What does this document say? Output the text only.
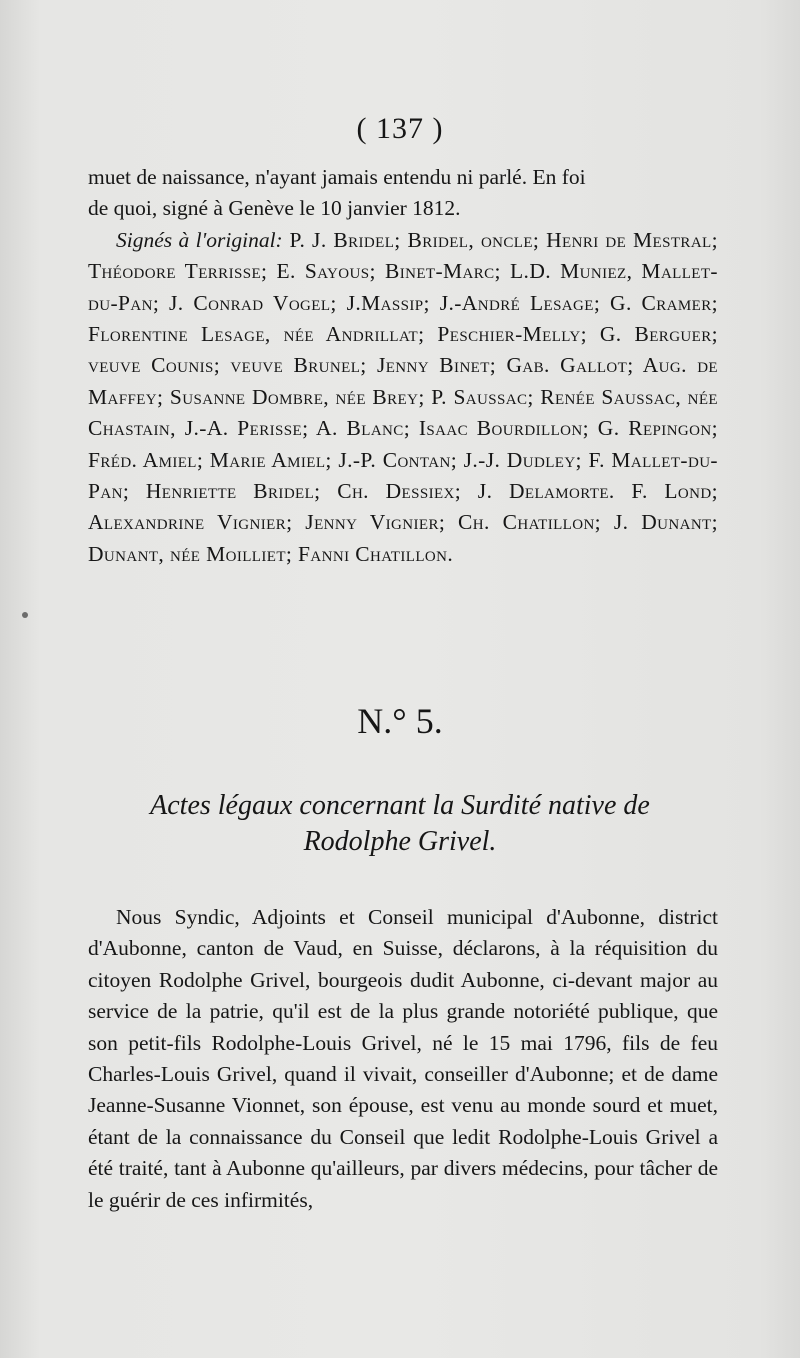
( 137 )

muet de naissance, n'ayant jamais entendu ni parlé. En foi

de quoi, signé à Genève le 10 janvier 1812.

Signés à l'original: P. J. Bridel; Bridel, oncle; Henri de Mestral; Théodore Terrisse; E. Sayous; Binet-Marc; L.D. Muniez, Mallet-du-Pan; J. Conrad Vogel; J.Massip; J.-André Lesage; G. Cramer; Florentine Lesage, née Andrillat; Peschier-Melly; G. Berguer; veuve Counis; veuve Brunel; Jenny Binet; Gab. Gallot; Aug. de Maffey; Susanne Dombre, née Brey; P. Saussac; Renée Saussac, née Chastain, J.-A. Perisse; A. Blanc; Isaac Bourdillon; G. Repingon; Fréd. Amiel; Marie Amiel; J.-P. Contan; J.-J. Dudley; F. Mallet-du-Pan; Henriette Bridel; Ch. Dessiex; J. Delamorte. F. Lond; Alexandrine Vignier; Jenny Vignier; Ch. Chatillon; J. Dunant; Dunant, née Moilliet; Fanni Chatillon.

N.° 5.
Actes légaux concernant la Surdité native de
Rodolphe Grivel.

Nous Syndic, Adjoints et Conseil municipal d'Aubonne, district d'Aubonne, canton de Vaud, en Suisse, déclarons, à la réquisition du citoyen Rodolphe Grivel, bourgeois dudit Aubonne, ci-devant major au service de la patrie, qu'il est de la plus grande notoriété publique, que son petit-fils Rodolphe-Louis Grivel, né le 15 mai 1796, fils de feu Charles-Louis Grivel, quand il vivait, conseiller d'Aubonne; et de dame Jeanne-Susanne Vionnet, son épouse, est venu au monde sourd et muet, étant de la connaissance du Conseil que ledit Rodolphe-Louis Grivel a été traité, tant à Aubonne qu'ailleurs, par divers médecins, pour tâcher de le guérir de ces infirmités,
